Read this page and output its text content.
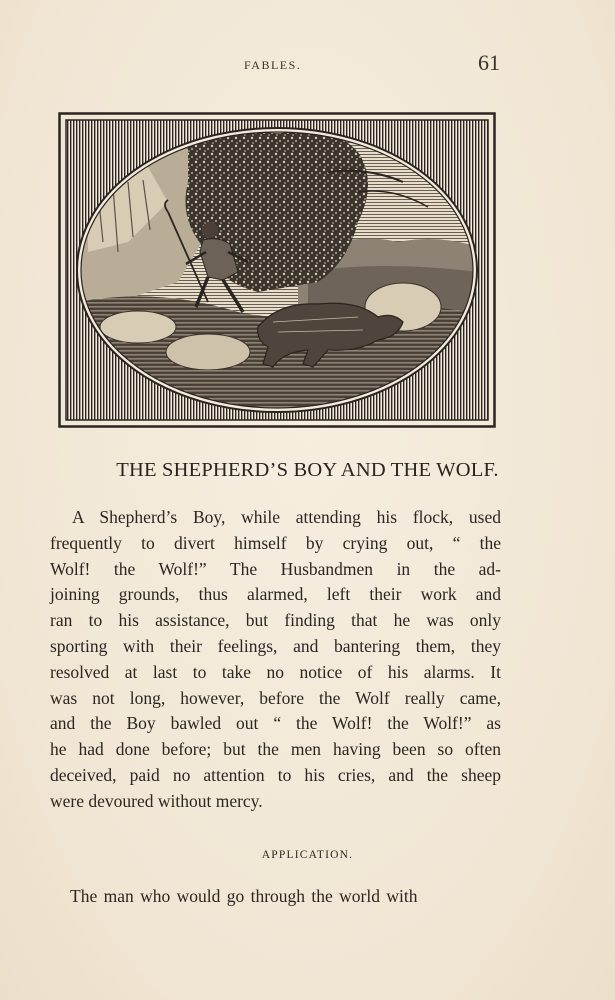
FABLES.	61
THE SHEPHERD’S BOY AND THE WOLF.
A Shepherd’s Boy, while attending his flock, used
frequently to divert himself by crying out, “ the
Wolf! the Wolf!” The Husbandmen in the ad-
joining grounds, thus alarmed, left their work and
ran to his assistance, but finding that he was only
sporting with their feelings, and bantering them, they
resolved at last to take no notice of his alarms. It
was not long, however, before the Wolf really came,
and the Boy bawled out “ the Wolf! the Wolf!” as
he had done before; but the men having been so often
deceived, paid no attention to his cries, and the sheep
were devoured without mercy.
APPLICATION.
The man who would go through the world with
